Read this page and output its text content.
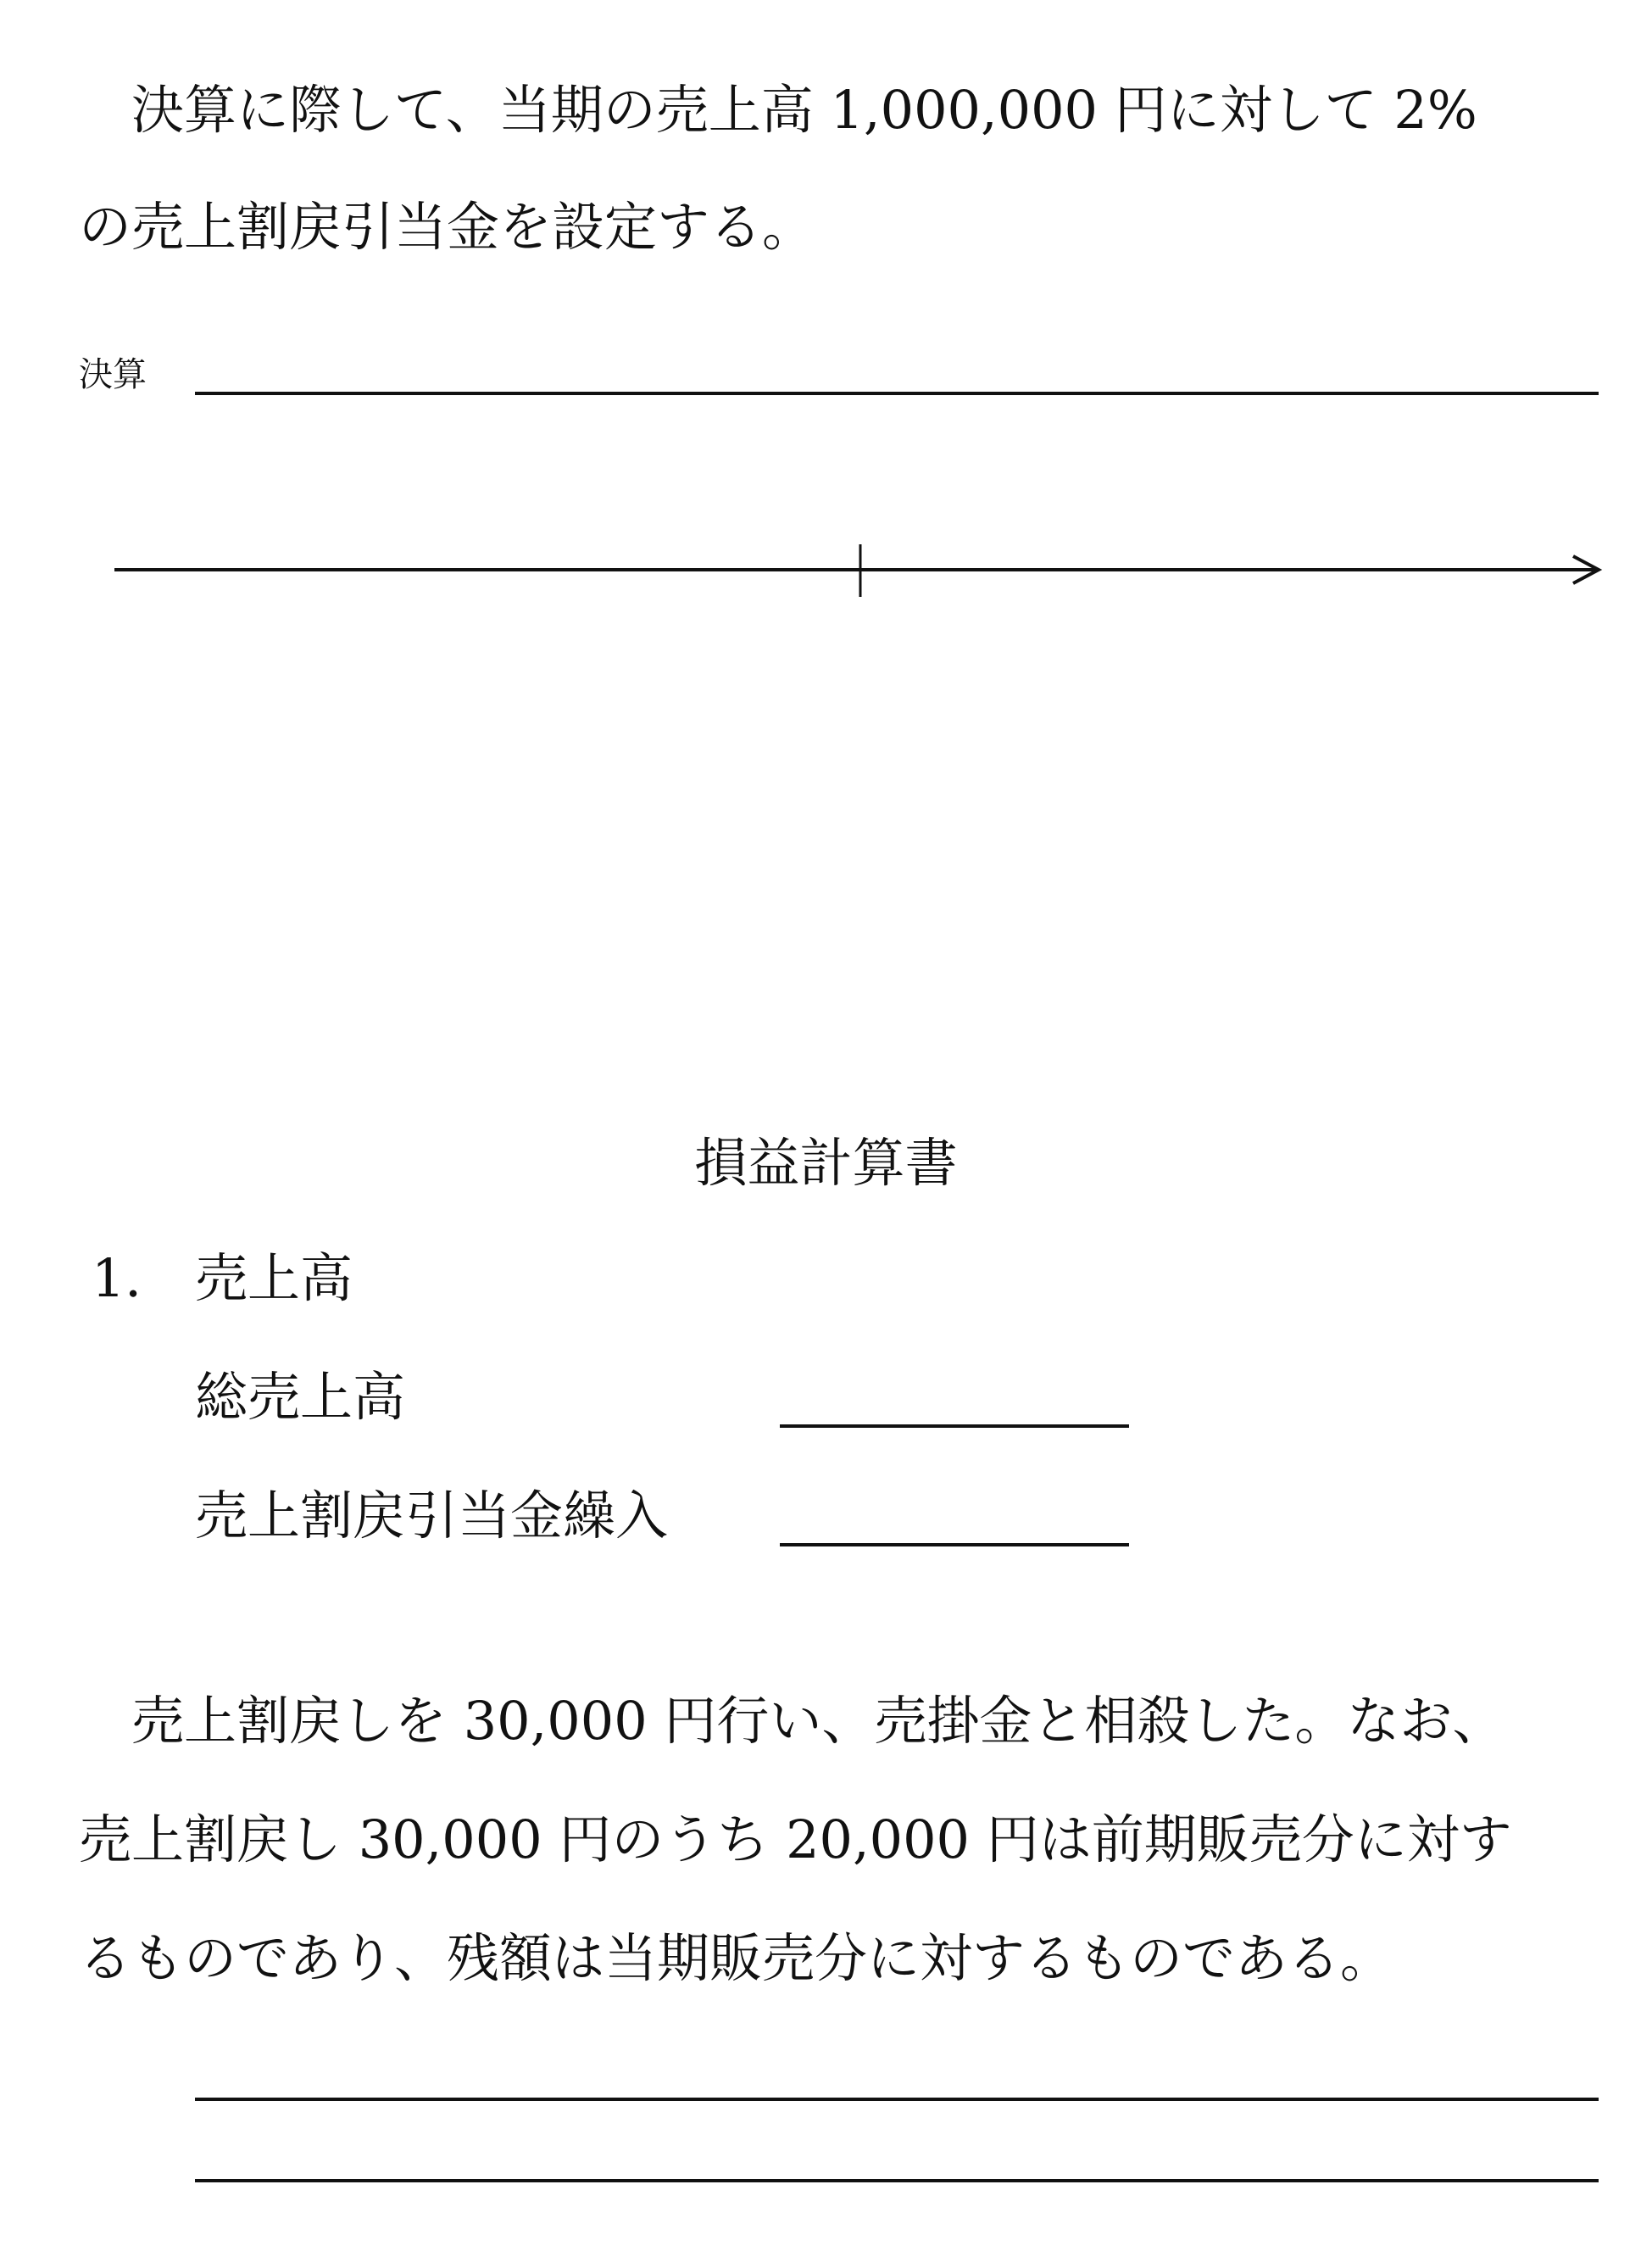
　決算に際して、当期の売上高 1,000,000 円に対して 2%
の売上割戻引当金を設定する。
決算
損益計算書
1． 売上高
総売上高
売上割戻引当金繰入
　売上割戻しを 30,000 円行い、売掛金と相殺した。なお、
売上割戻し 30,000 円のうち 20,000 円は前期販売分に対す
るものであり、残額は当期販売分に対するものである。
